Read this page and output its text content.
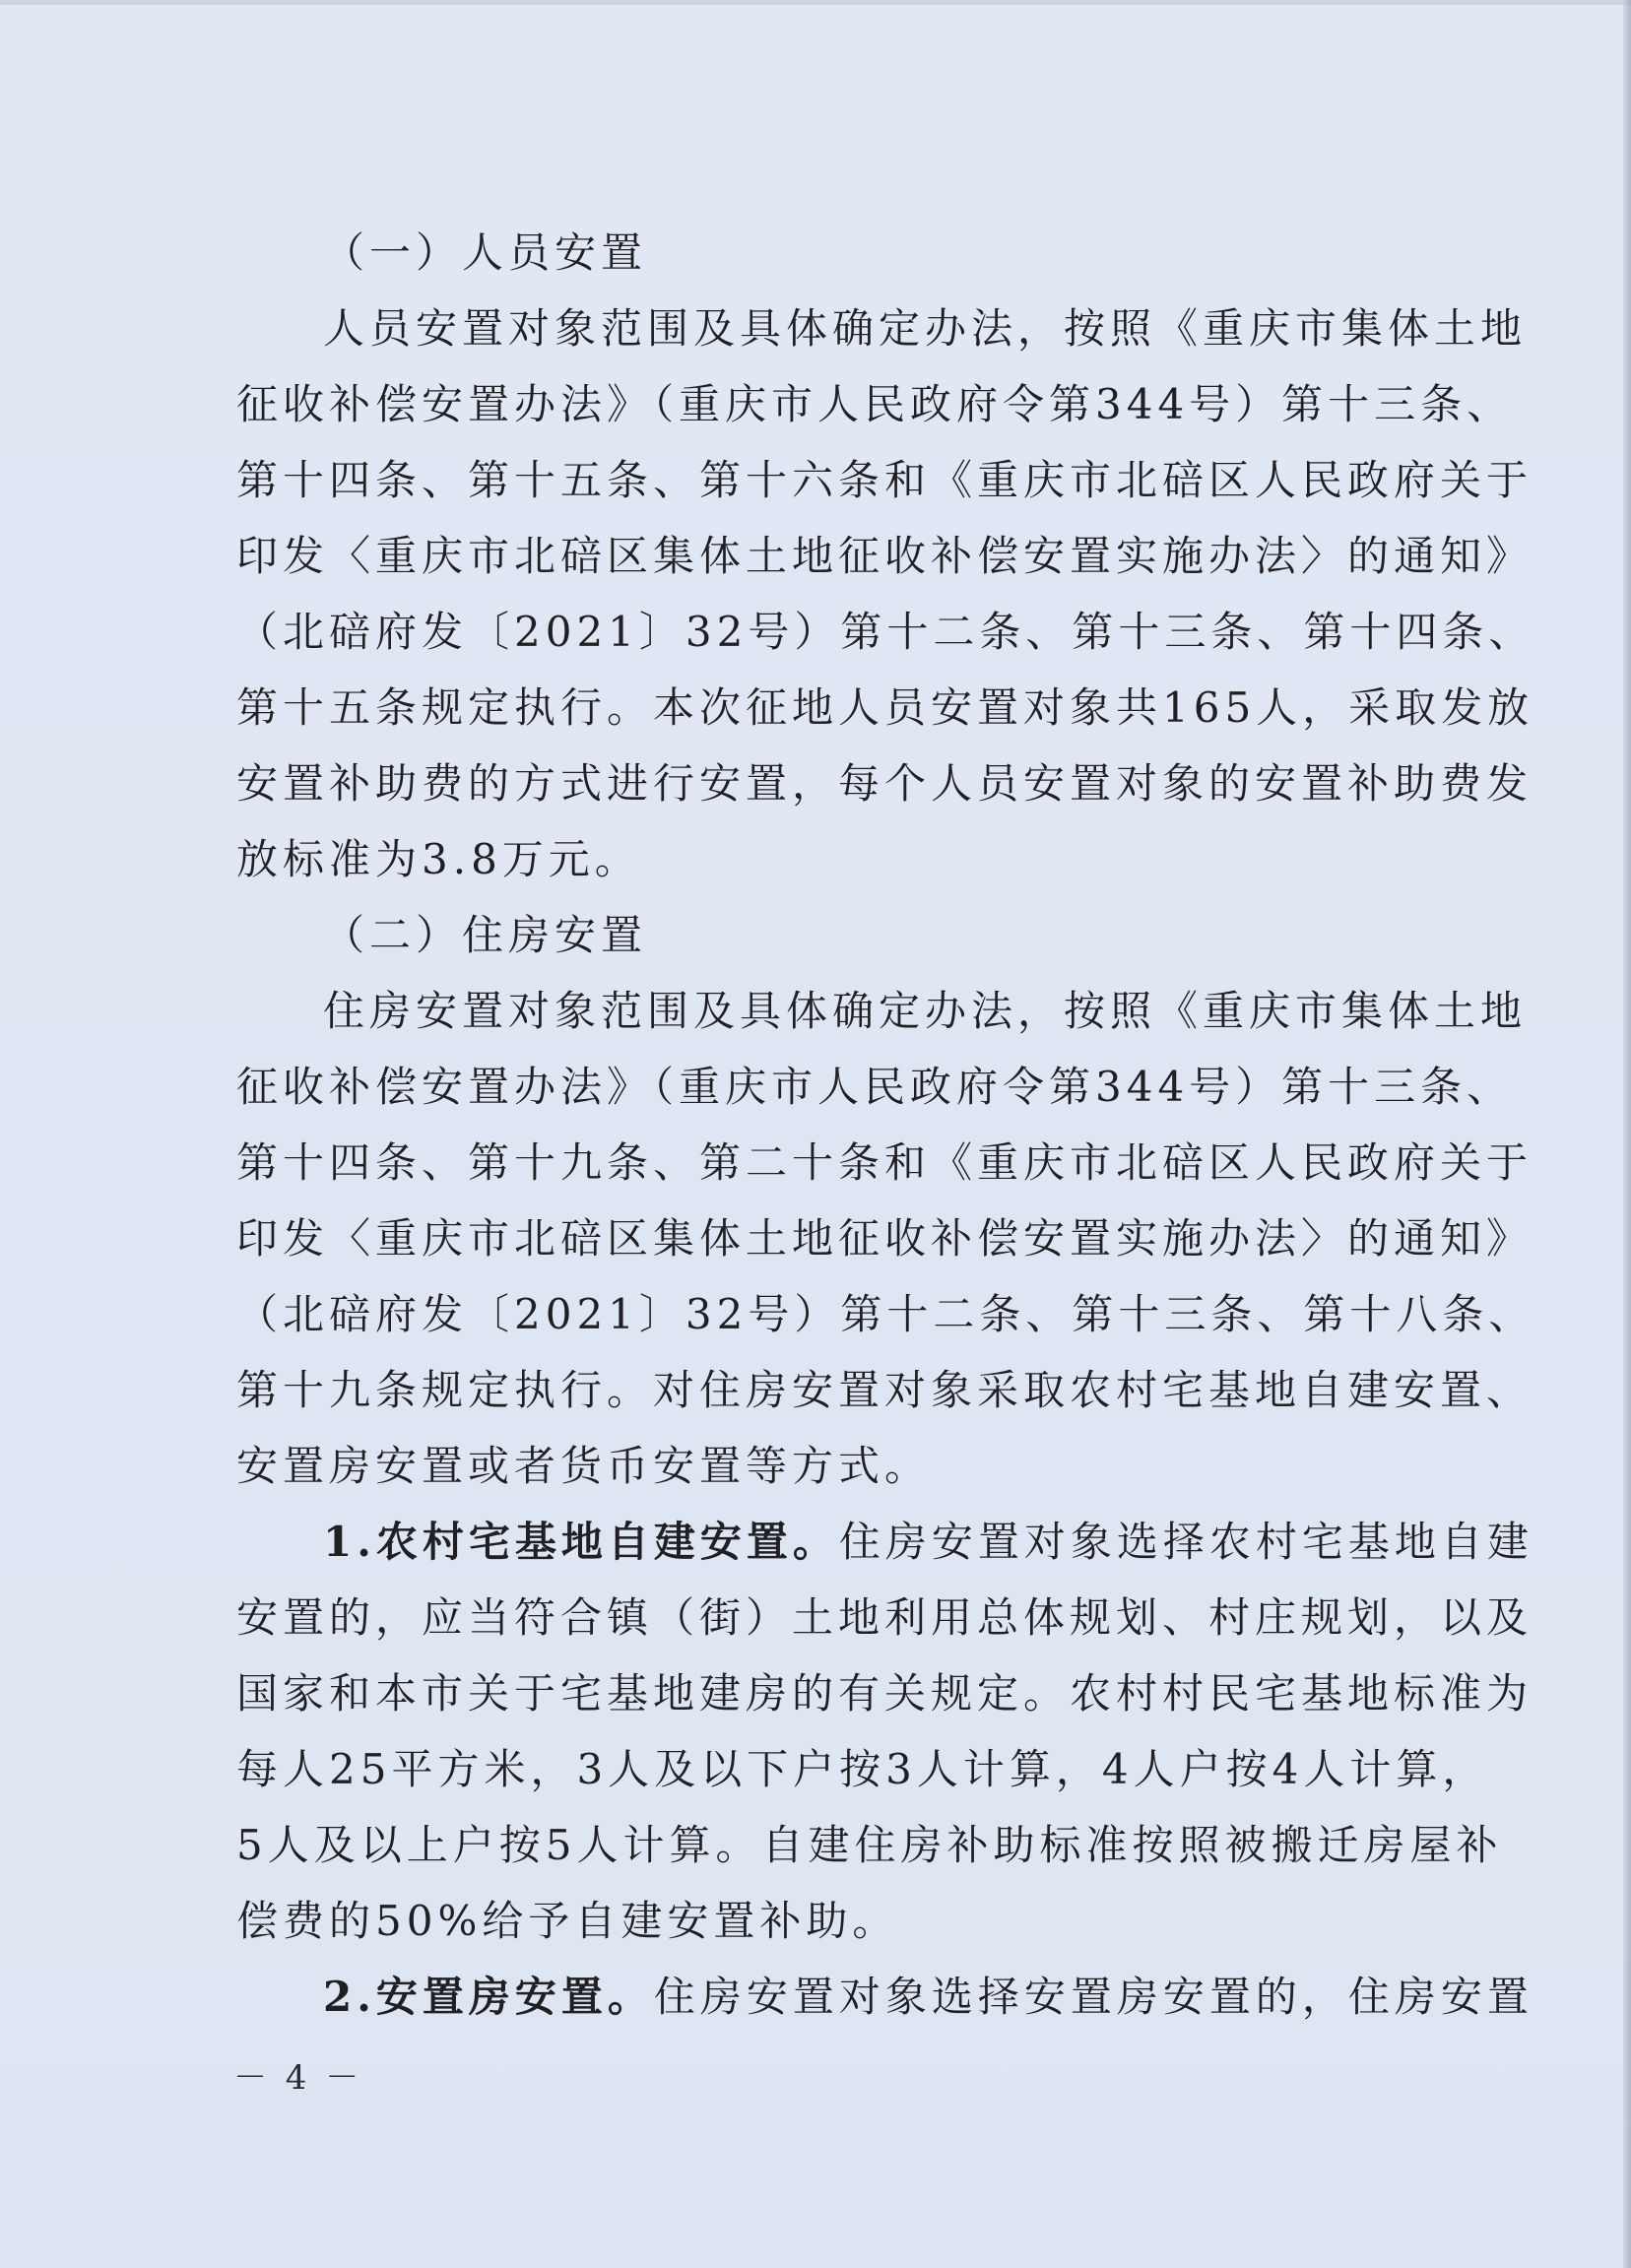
（一）人员安置
人员安置对象范围及具体确定办法，按照《重庆市集体土地
征收补偿安置办法》（重庆市人民政府令第344号）第十三条、
第十四条、第十五条、第十六条和《重庆市北碚区人民政府关于
印发〈重庆市北碚区集体土地征收补偿安置实施办法〉的通知》
（北碚府发〔2021〕32号）第十二条、第十三条、第十四条、
第十五条规定执行。本次征地人员安置对象共165人，采取发放
安置补助费的方式进行安置，每个人员安置对象的安置补助费发
放标准为3.8万元。
（二）住房安置
住房安置对象范围及具体确定办法，按照《重庆市集体土地
征收补偿安置办法》（重庆市人民政府令第344号）第十三条、
第十四条、第十九条、第二十条和《重庆市北碚区人民政府关于
印发〈重庆市北碚区集体土地征收补偿安置实施办法〉的通知》
（北碚府发〔2021〕32号）第十二条、第十三条、第十八条、
第十九条规定执行。对住房安置对象采取农村宅基地自建安置、
安置房安置或者货币安置等方式。
1.农村宅基地自建安置。住房安置对象选择农村宅基地自建
安置的，应当符合镇（街）土地利用总体规划、村庄规划，以及
国家和本市关于宅基地建房的有关规定。农村村民宅基地标准为
每人25平方米，3人及以下户按3人计算，4人户按4人计算，
5人及以上户按5人计算。自建住房补助标准按照被搬迁房屋补
偿费的50%给予自建安置补助。
2.安置房安置。住房安置对象选择安置房安置的，住房安置
－ 4 －
